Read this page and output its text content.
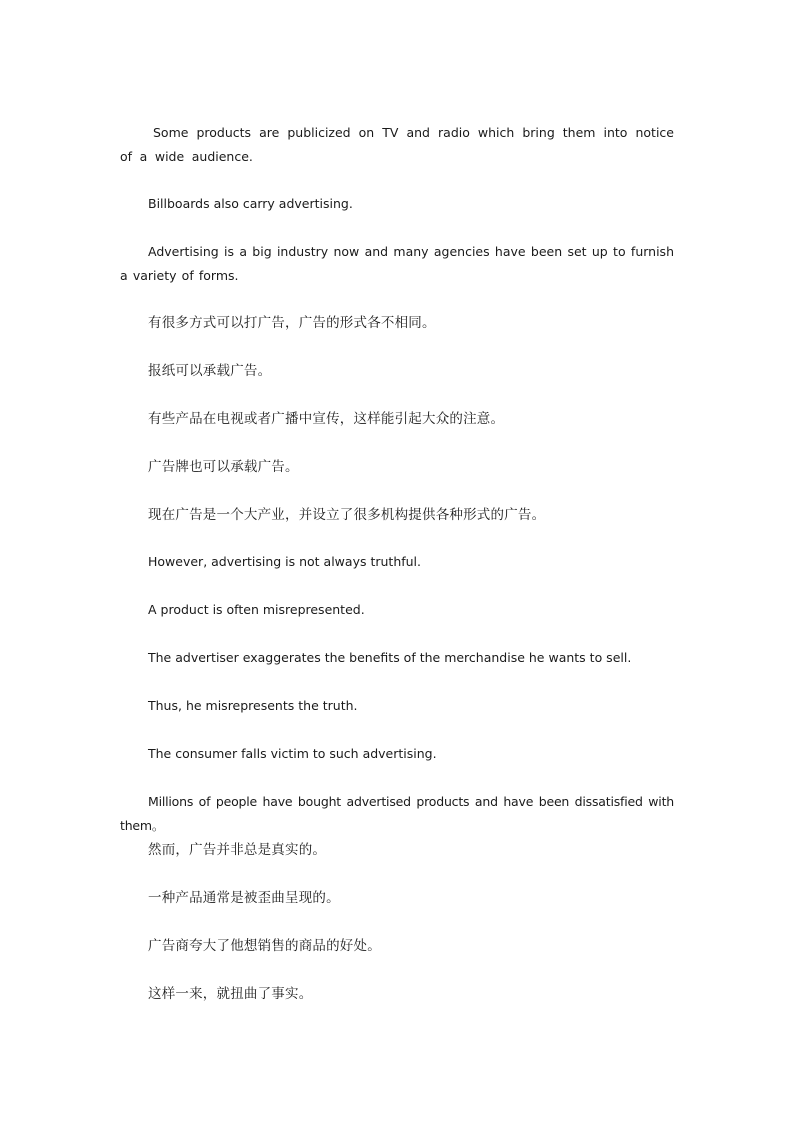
Some products are publicized on TV and radio which bring them into notice of a wide audience.

Billboards also carry advertising.

Advertising is a big industry now and many agencies have been set up to furnish a variety of forms.

有很多方式可以打广告，广告的形式各不相同。

报纸可以承载广告。

有些产品在电视或者广播中宣传，这样能引起大众的注意。

广告牌也可以承载广告。

现在广告是一个大产业，并设立了很多机构提供各种形式的广告。

However, advertising is not always truthful.

A product is often misrepresented.

The advertiser exaggerates the benefits of the merchandise he wants to sell.

Thus, he misrepresents the truth.

The consumer falls victim to such advertising.

Millions of people have bought advertised products and have been dissatisfied with them。

然而，广告并非总是真实的。

一种产品通常是被歪曲呈现的。

广告商夸大了他想销售的商品的好处。

这样一来，就扭曲了事实。
